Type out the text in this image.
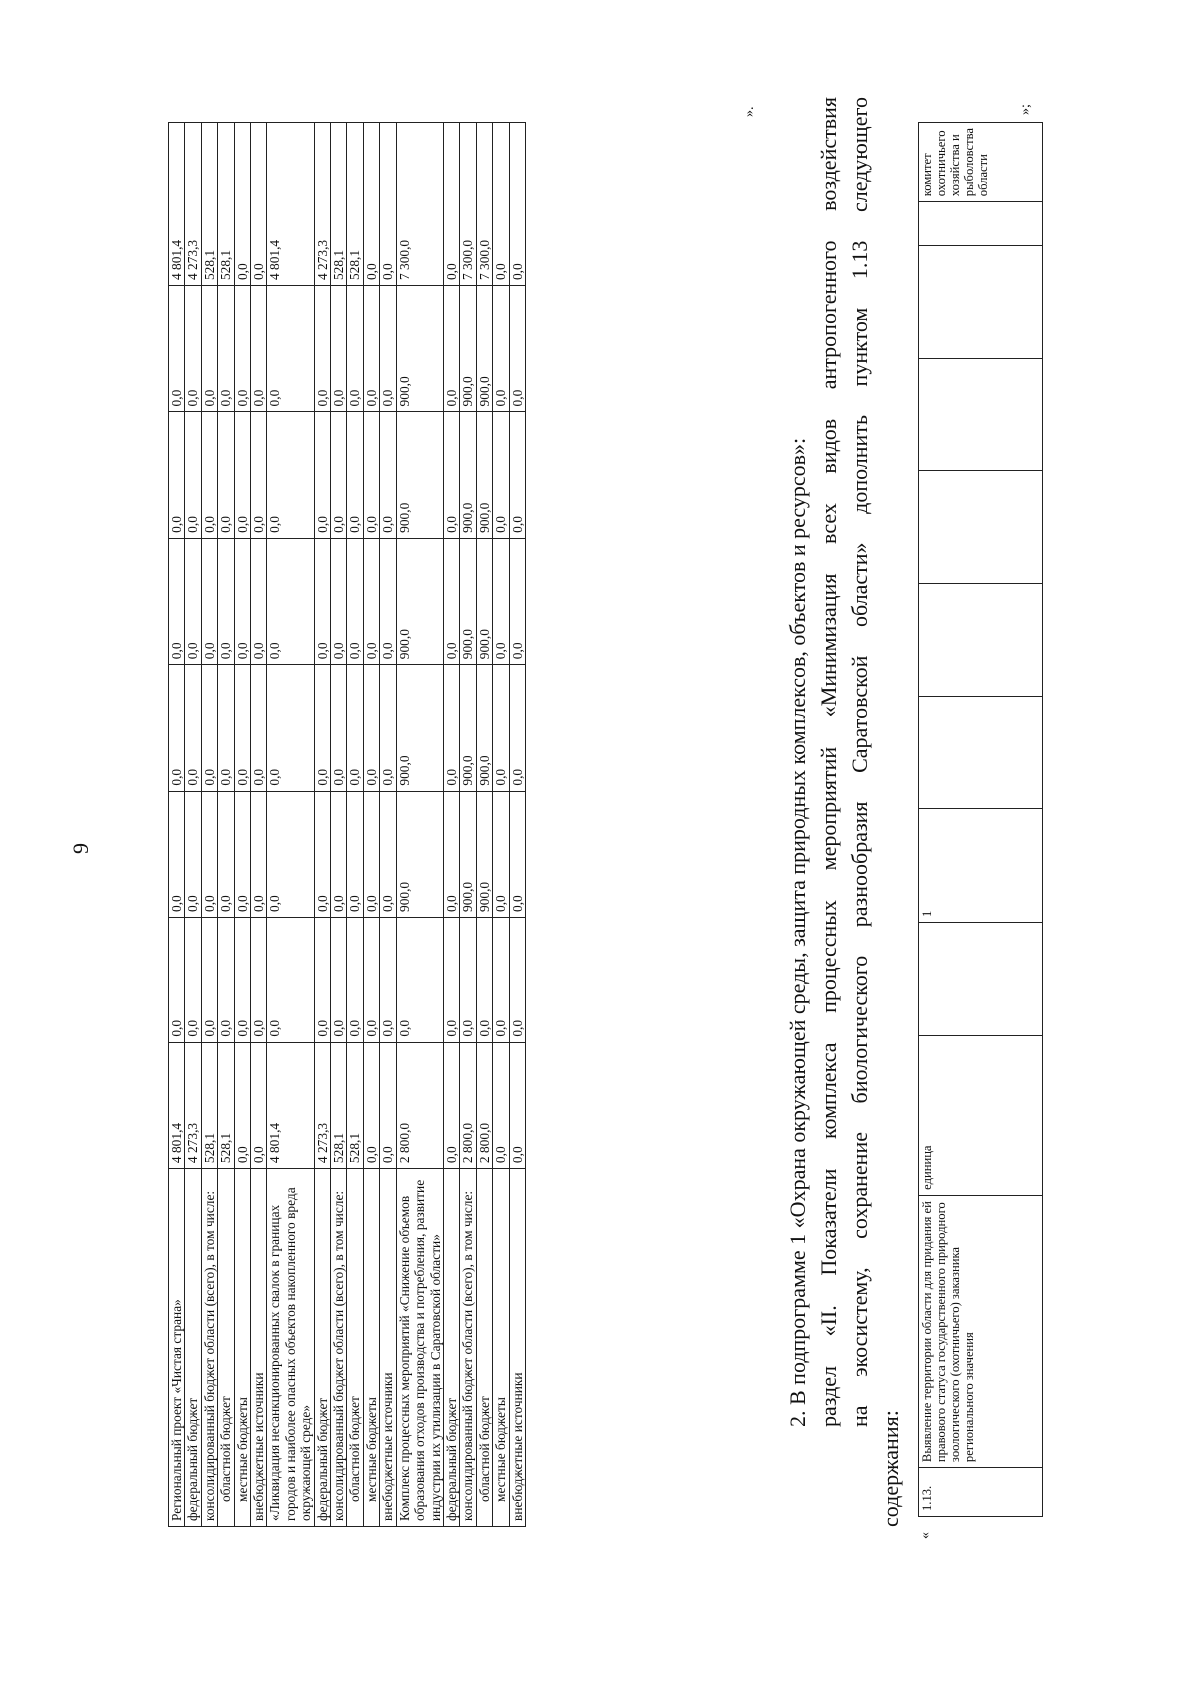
9
Региональный проект «Чистая страна»	4 801,4	0,0	0,0	0,0	0,0	0,0	0,0	4 801,4
федеральный бюджет	4 273,3	0,0	0,0	0,0	0,0	0,0	0,0	4 273,3
консолидированный бюджет области (всего), в том числе:	528,1	0,0	0,0	0,0	0,0	0,0	0,0	528,1
областной бюджет	528,1	0,0	0,0	0,0	0,0	0,0	0,0	528,1
местные бюджеты	0,0	0,0	0,0	0,0	0,0	0,0	0,0	0,0
внебюджетные источники	0,0	0,0	0,0	0,0	0,0	0,0	0,0	0,0
«Ликвидация несанкционированных свалок в границах городов и наиболее опасных объектов накопленного вреда окружающей среде»	4 801,4	0,0	0,0	0,0	0,0	0,0	0,0	4 801,4
федеральный бюджет	4 273,3	0,0	0,0	0,0	0,0	0,0	0,0	4 273,3
консолидированный бюджет области (всего), в том числе:	528,1	0,0	0,0	0,0	0,0	0,0	0,0	528,1
областной бюджет	528,1	0,0	0,0	0,0	0,0	0,0	0,0	528,1
местные бюджеты	0,0	0,0	0,0	0,0	0,0	0,0	0,0	0,0
внебюджетные источники	0,0	0,0	0,0	0,0	0,0	0,0	0,0	0,0
Комплекс процессных мероприятий «Снижение объемов образования отходов производства и потребления, развитие индустрии их утилизации в Саратовской области»	2 800,0	0,0	900,0	900,0	900,0	900,0	900,0	7 300,0
федеральный бюджет	0,0	0,0	0,0	0,0	0,0	0,0	0,0	0,0
консолидированный бюджет области (всего), в том числе:	2 800,0	0,0	900,0	900,0	900,0	900,0	900,0	7 300,0
областной бюджет	2 800,0	0,0	900,0	900,0	900,0	900,0	900,0	7 300,0
местные бюджеты	0,0	0,0	0,0	0,0	0,0	0,0	0,0	0,0
внебюджетные источники	0,0	0,0	0,0	0,0	0,0	0,0	0,0	0,0
».
2. В подпрограмме 1 «Охрана окружающей среды, защита природных комплексов, объектов и ресурсов»: раздел «II. Показатели комплекса процессных мероприятий «Минимизация всех видов антропогенного воздействия на экосистему, сохранение биологического разнообразия Саратовской области» дополнить пунктом 1.13 следующего
содержания:
«
1.13.	Выявление территории области для придания ей правового статуса государственного природного зоологического (охотничьего) заказника регионального значения	единица		1							комитет охотничьего хозяйства и рыболовства области
»;
